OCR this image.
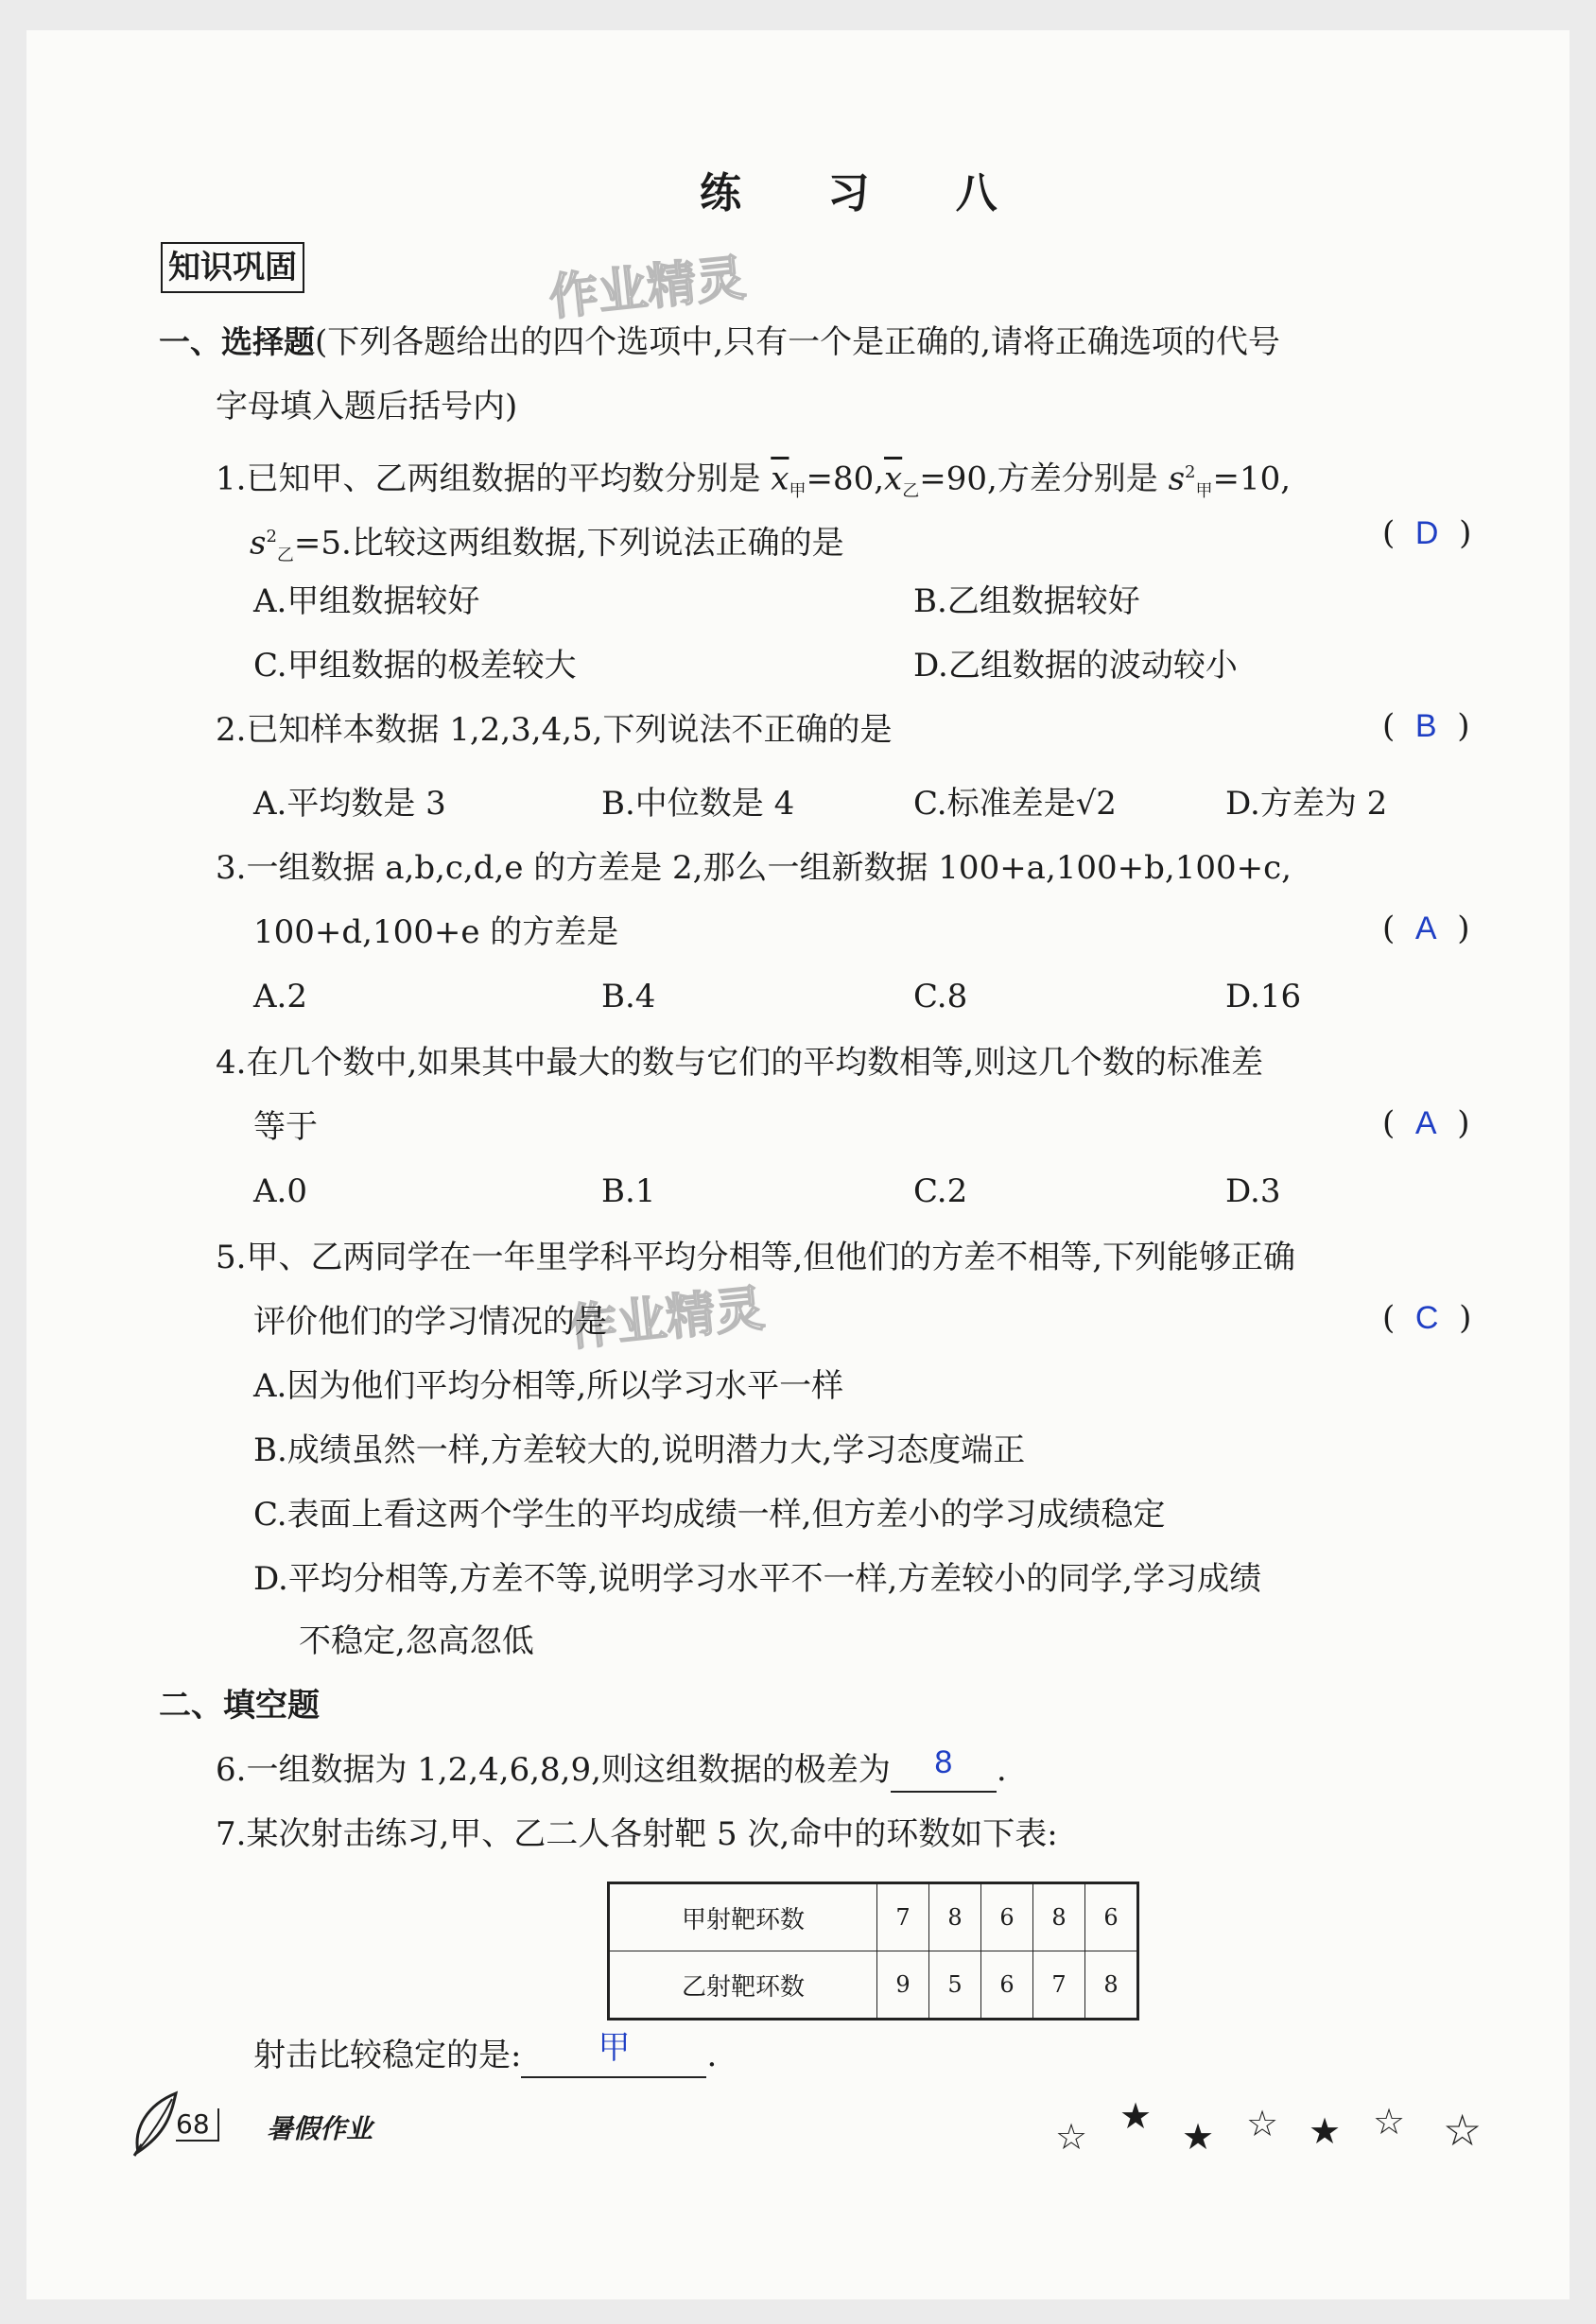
练 习 八
知识巩固	作业精灵
作业精灵
一、选择题(下列各题给出的四个选项中,只有一个是正确的,请将正确选项的代号
字母填入题后括号内)
1.已知甲、乙两组数据的平均数分别是 $\overline{x}_甲=80,\overline{x}_乙=90$,方差分别是 $s^2_甲=10$,
$s^2_乙=5$.比较这两组数据,下列说法正确的是	( D )
A.甲组数据较好	B.乙组数据较好
C.甲组数据的极差较大	D.乙组数据的波动较小
2.已知样本数据 1,2,3,4,5,下列说法不正确的是	( B )
A.平均数是 3	B.中位数是 4	C.标准差是√2	D.方差为 2
3.一组数据 a,b,c,d,e 的方差是 2,那么一组新数据 100+a,100+b,100+c,
100+d,100+e 的方差是	( A )
A.2	B.4	C.8	D.16
4.在几个数中,如果其中最大的数与它们的平均数相等,则这几个数的标准差
等于	( A )
A.0	B.1	C.2	D.3
5.甲、乙两同学在一年里学科平均分相等,但他们的方差不相等,下列能够正确
评价他们的学习情况的是	( C )
A.因为他们平均分相等,所以学习水平一样
B.成绩虽然一样,方差较大的,说明潜力大,学习态度端正
C.表面上看这两个学生的平均成绩一样,但方差小的学习成绩稳定
D.平均分相等,方差不等,说明学习水平不一样,方差较小的同学,学习成绩
不稳定,忽高忽低
二、填空题
6.一组数据为 1,2,4,6,8,9,则这组数据的极差为	8	.
7.某次射击练习,甲、乙二人各射靶 5 次,命中的环数如下表:
甲射靶环数	7	8	6	8	6
乙射靶环数	9	5	6	7	8
射击比较稳定的是:	甲	.
68	暑假作业	☆ ★ ★ ☆ ★ ☆ ☆
